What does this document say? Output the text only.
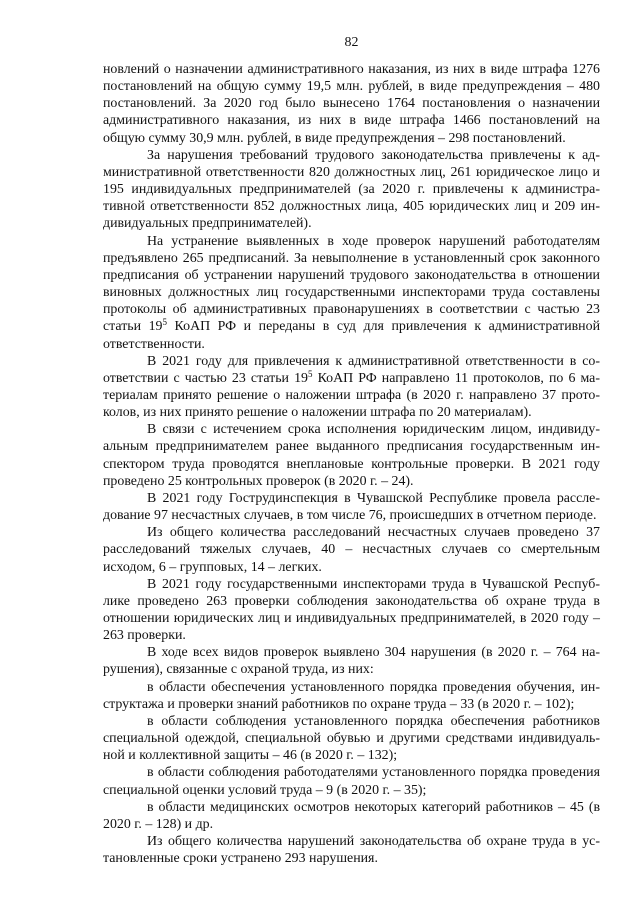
82

новлений о назначении административного наказания, из них в виде штрафа 1276 постановлений на общую сумму 19,5 млн. рублей, в виде предупреждения – 480 постановлений. За 2020 год было вынесено 1764 постановления о назначении административного наказания, из них в виде штрафа 1466 постановлений на общую сумму 30,9 млн. рублей, в виде предупреждения – 298 постановлений.

За нарушения требований трудового законодательства привлечены к административной ответственности 820 должностных лиц, 261 юридическое лицо и 195 индивидуальных предпринимателей (за 2020 г. привлечены к административной ответственности 852 должностных лица, 405 юридических лиц и 209 индивидуальных предпринимателей).

На устранение выявленных в ходе проверок нарушений работодателям предъявлено 265 предписаний. За невыполнение в установленный срок законного предписания об устранении нарушений трудового законодательства в отношении виновных должностных лиц государственными инспекторами труда составлены протоколы об административных правонарушениях в соответствии с частью 23 статьи $19^5$ КоАП РФ и переданы в суд для привлечения к административной ответственности.

В 2021 году для привлечения к административной ответственности в соответствии с частью 23 статьи $19^5$ КоАП РФ направлено 11 протоколов, по 6 материалам принято решение о наложении штрафа (в 2020 г. направлено 37 протоколов, из них принято решение о наложении штрафа по 20 материалам).

В связи с истечением срока исполнения юридическим лицом, индивидуальным предпринимателем ранее выданного предписания государственным инспектором труда проводятся внеплановые контрольные проверки. В 2021 году проведено 25 контрольных проверок (в 2020 г. – 24).

В 2021 году Гострудинспекция в Чувашской Республике провела расследование 97 несчастных случаев, в том числе 76, происшедших в отчетном периоде.

Из общего количества расследований несчастных случаев проведено 37 расследований тяжелых случаев, 40 – несчастных случаев со смертельным исходом, 6 – групповых, 14 – легких.

В 2021 году государственными инспекторами труда в Чувашской Республике проведено 263 проверки соблюдения законодательства об охране труда в отношении юридических лиц и индивидуальных предпринимателей, в 2020 году – 263 проверки.

В ходе всех видов проверок выявлено 304 нарушения (в 2020 г. – 764 нарушения), связанные с охраной труда, из них:

в области обеспечения установленного порядка проведения обучения, инструктажа и проверки знаний работников по охране труда – 33 (в 2020 г. – 102);

в области соблюдения установленного порядка обеспечения работников специальной одеждой, специальной обувью и другими средствами индивидуальной и коллективной защиты – 46 (в 2020 г. – 132);

в области соблюдения работодателями установленного порядка проведения специальной оценки условий труда – 9 (в 2020 г. – 35);

в области медицинских осмотров некоторых категорий работников – 45 (в 2020 г. – 128) и др.

Из общего количества нарушений законодательства об охране труда в установленные сроки устранено 293 нарушения.
